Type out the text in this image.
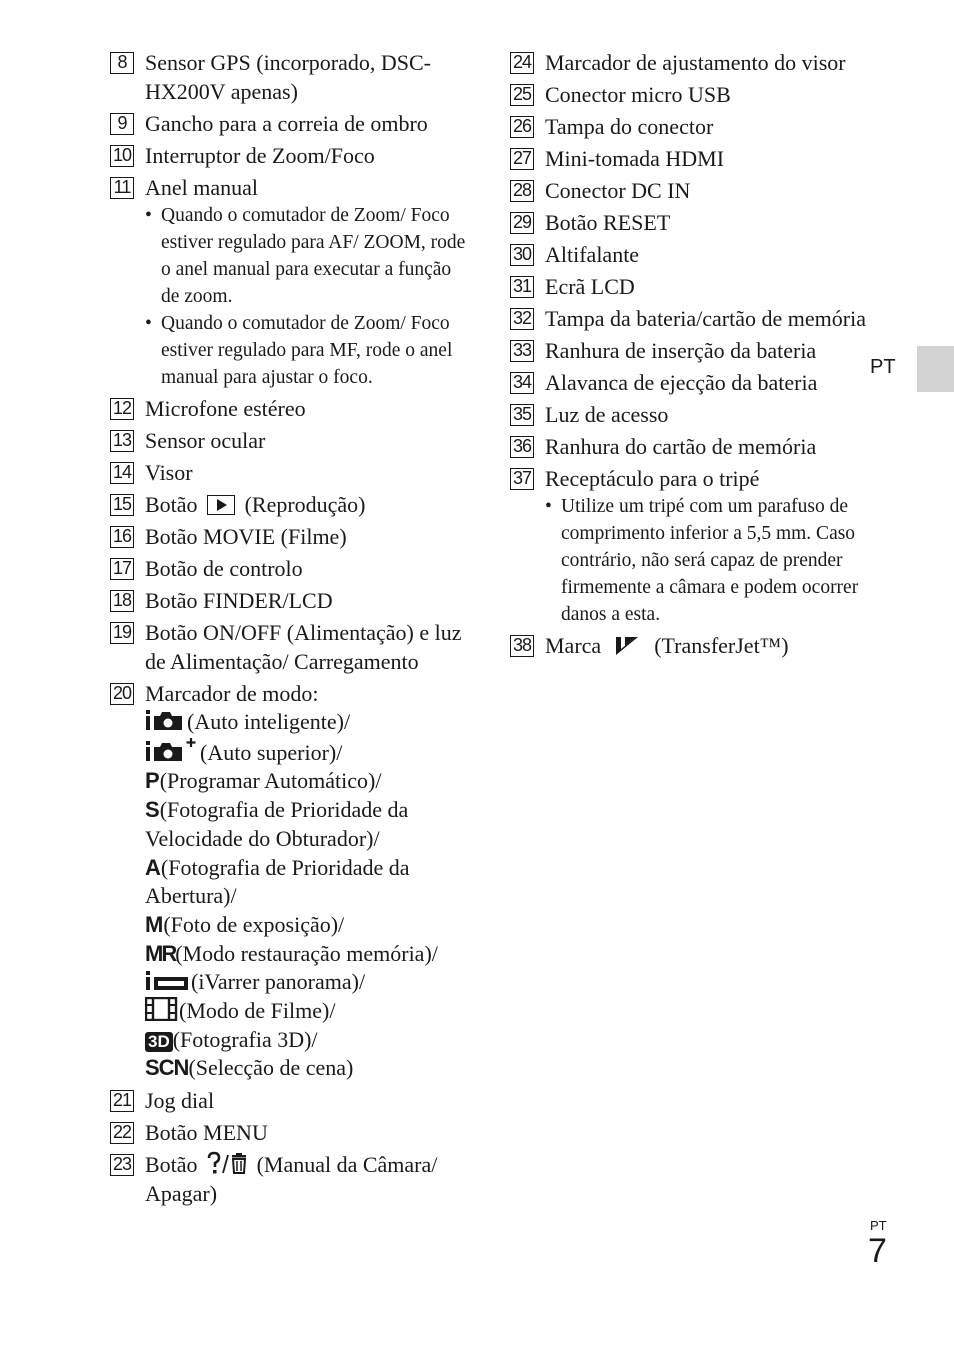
PT
8 Sensor GPS (incorporado, DSC-HX200V apenas)
9 Gancho para a correia de ombro
10 Interruptor de Zoom/Foco
11 Anel manual
• Quando o comutador de Zoom/ Foco estiver regulado para AF/ ZOOM, rode o anel manual para executar a função de zoom.
• Quando o comutador de Zoom/ Foco estiver regulado para MF, rode o anel manual para ajustar o foco.
12 Microfone estéreo
13 Sensor ocular
14 Visor
15 Botão (Reprodução)
16 Botão MOVIE (Filme)
17 Botão de controlo
18 Botão FINDER/LCD
19 Botão ON/OFF (Alimentação) e luz de Alimentação/ Carregamento
20 Marcador de modo:
(Auto inteligente)/
(Auto superior)/
P(Programar Automático)/
S(Fotografia de Prioridade da Velocidade do Obturador)/
A(Fotografia de Prioridade da Abertura)/
M(Foto de exposição)/
MR(Modo restauração memória)/
(iVarrer panorama)/
(Modo de Filme)/
3D (Fotografia 3D)/
SCN(Selecção de cena)
21 Jog dial
22 Botão MENU
23 Botão	(Manual da Câmara/ Apagar)
24 Marcador de ajustamento do visor
25 Conector micro USB
26 Tampa do conector
27 Mini-tomada HDMI
28 Conector DC IN
29 Botão RESET
30 Altifalante
31 Ecrã LCD
32 Tampa da bateria/cartão de memória
33 Ranhura de inserção da bateria
34 Alavanca de ejecção da bateria
35 Luz de acesso
36 Ranhura do cartão de memória
37 Receptáculo para o tripé
• Utilize um tripé com um parafuso de comprimento inferior a 5,5 mm. Caso contrário, não será capaz de prender firmemente a câmara e podem ocorrer danos a esta.
38 Marca (TransferJet™)
PT
7
